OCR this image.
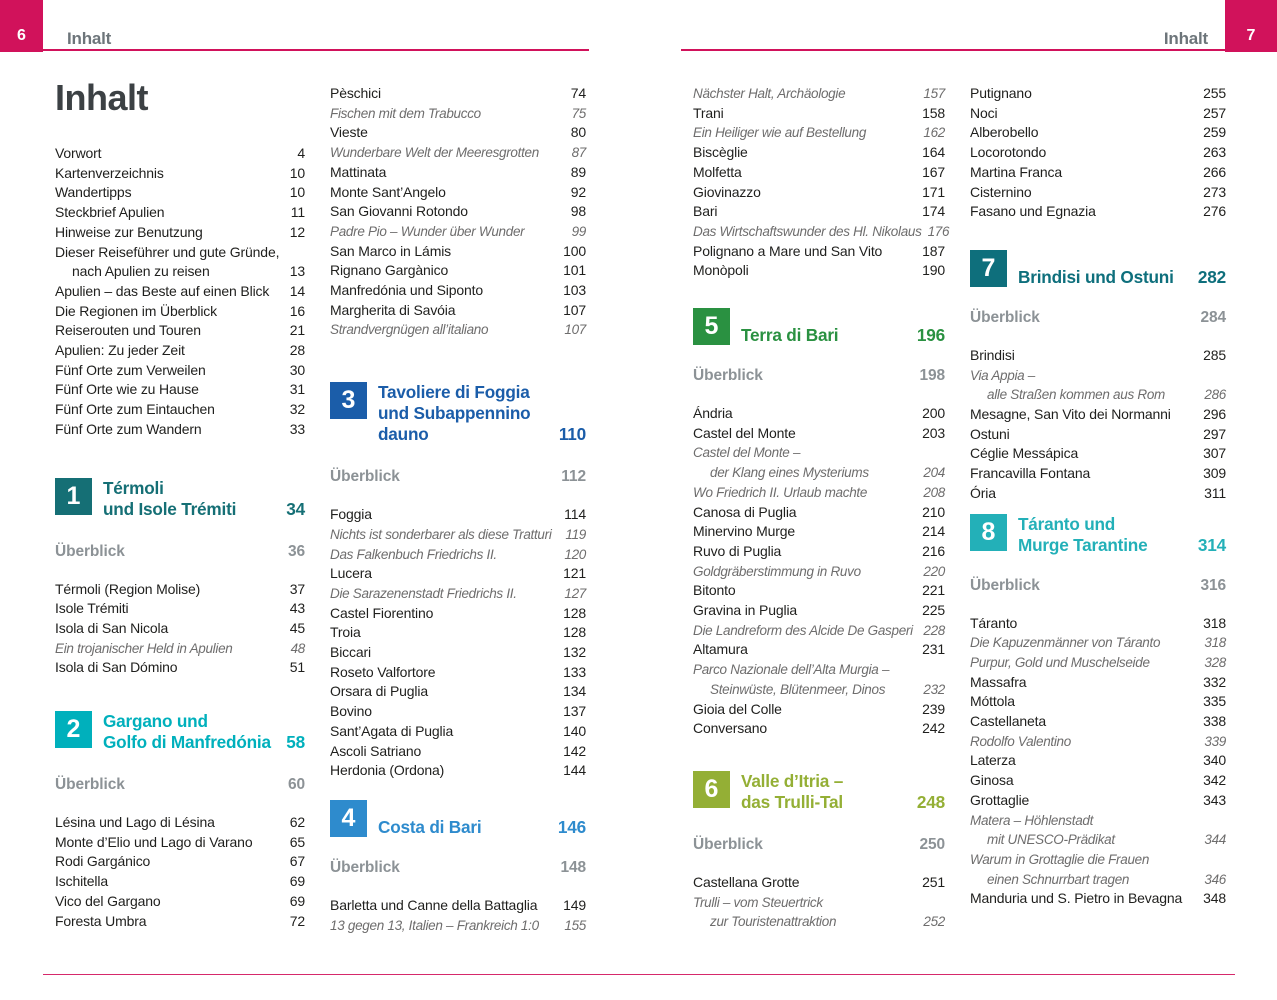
6 Inhalt	7
Inhalt
Inhalt
Vorwort	4
Kartenverzeichnis	10
Wandertipps	10
Steckbrief Apulien	11
Hinweise zur Benutzung	12
Dieser Reiseführer und gute Gründe,
nach Apulien zu reisen	13
Apulien – das Beste auf einen Blick 14
Die Regionen im Überblick	16
Reiserouten und Touren	21
Apulien: Zu jeder Zeit	28
Fünf Orte zum Verweilen	30
Fünf Orte wie zu Hause	31
Fünf Orte zum Eintauchen	32
Fünf Orte zum Wandern	33
1	Térmoli
und Isole Trémiti	34
Überblick	36
Térmoli (Region Molise)	37
Isole Trémiti	43
Isola di San Nicola	45
Ein trojanischer Held in Apulien	48
Isola di San Dómino	51
2	Gargano und
Golfo di Manfredónia 58
Überblick	60
Lésina und Lago di Lésina	62
Monte d’Elio und Lago di Varano	65
Rodi Gargánico	67
Ischitella	69
Vico del Gargano	69
Foresta Umbra	72
Pèschici	74
Fischen mit dem Trabucco	75
Vieste	80
Wunderbare Welt der Meeresgrotten 87
Mattinata	89
Monte Sant’Angelo	92
San Giovanni Rotondo	98
Padre Pio – Wunder über Wunder	99
San Marco in Lámis	100
Rignano Gargànico	101
Manfredónia und Siponto	103
Margherita di Savóia	107
Strandvergnügen all’italiano	107
3	Tavoliere di Foggia
und Subappennino
dauno	110
Überblick	112
Foggia	114
Nichts ist sonderbarer als diese Tratturi 119
Das Falkenbuch Friedrichs II.	120
Lucera	121
Die Sarazenenstadt Friedrichs II.	127
Castel Fiorentino	128
Troia	128
Biccari	132
Roseto Valfortore	133
Orsara di Puglia	134
Bovino	137
Sant’Agata di Puglia	140
Ascoli Satriano	142
Herdonia (Ordona)	144
4	Costa di Bari	146
Überblick	148
Barletta und Canne della Battaglia 149
13 gegen 13, Italien – Frankreich 1:0 155
Nächster Halt, Archäologie	157
Trani	158
Ein Heiliger wie auf Bestellung	162
Biscèglie	164
Molfetta	167
Giovinazzo	171
Bari	174
Das Wirtschaftswunder des Hl. Nikolaus 176
Polignano a Mare und San Vito	187
Monòpoli	190
5	Terra di Bari	196
Überblick	198
Ándria	200
Castel del Monte	203
Castel del Monte –
der Klang eines Mysteriums	204
Wo Friedrich II. Urlaub machte	208
Canosa di Puglia	210
Minervino Murge	214
Ruvo di Puglia	216
Goldgräberstimmung in Ruvo	220
Bitonto	221
Gravina in Puglia	225
Die Landreform des Alcide De Gasperi 228
Altamura	231
Parco Nazionale dell’Alta Murgia –
Steinwüste, Blütenmeer, Dinos	232
Gioia del Colle	239
Conversano	242
6	Valle d’Itria –
das Trulli-Tal	248
Überblick	250
Castellana Grotte	251
Trulli – vom Steuertrick
zur Touristenattraktion	252
Putignano	255
Noci	257
Alberobello	259
Locorotondo	263
Martina Franca	266
Cisternino	273
Fasano und Egnazia	276
7	Brindisi und Ostuni 282
Überblick	284
Brindisi	285
Via Appia –
alle Straßen kommen aus Rom	286
Mesagne, San Vito dei Normanni 296
Ostuni	297
Céglie Messápica	307
Francavilla Fontana	309
Ória	311
8	Táranto und
Murge Tarantine	314
Überblick	316
Táranto	318
Die Kapuzenmänner von Táranto	318
Purpur, Gold und Muschelseide	328
Massafra	332
Móttola	335
Castellaneta	338
Rodolfo Valentino	339
Laterza	340
Ginosa	342
Grottaglie	343
Matera – Höhlenstadt
mit UNESCO-Prädikat	344
Warum in Grottaglie die Frauen
einen Schnurrbart tragen	346
Manduria und S. Pietro in Bevagna 348
